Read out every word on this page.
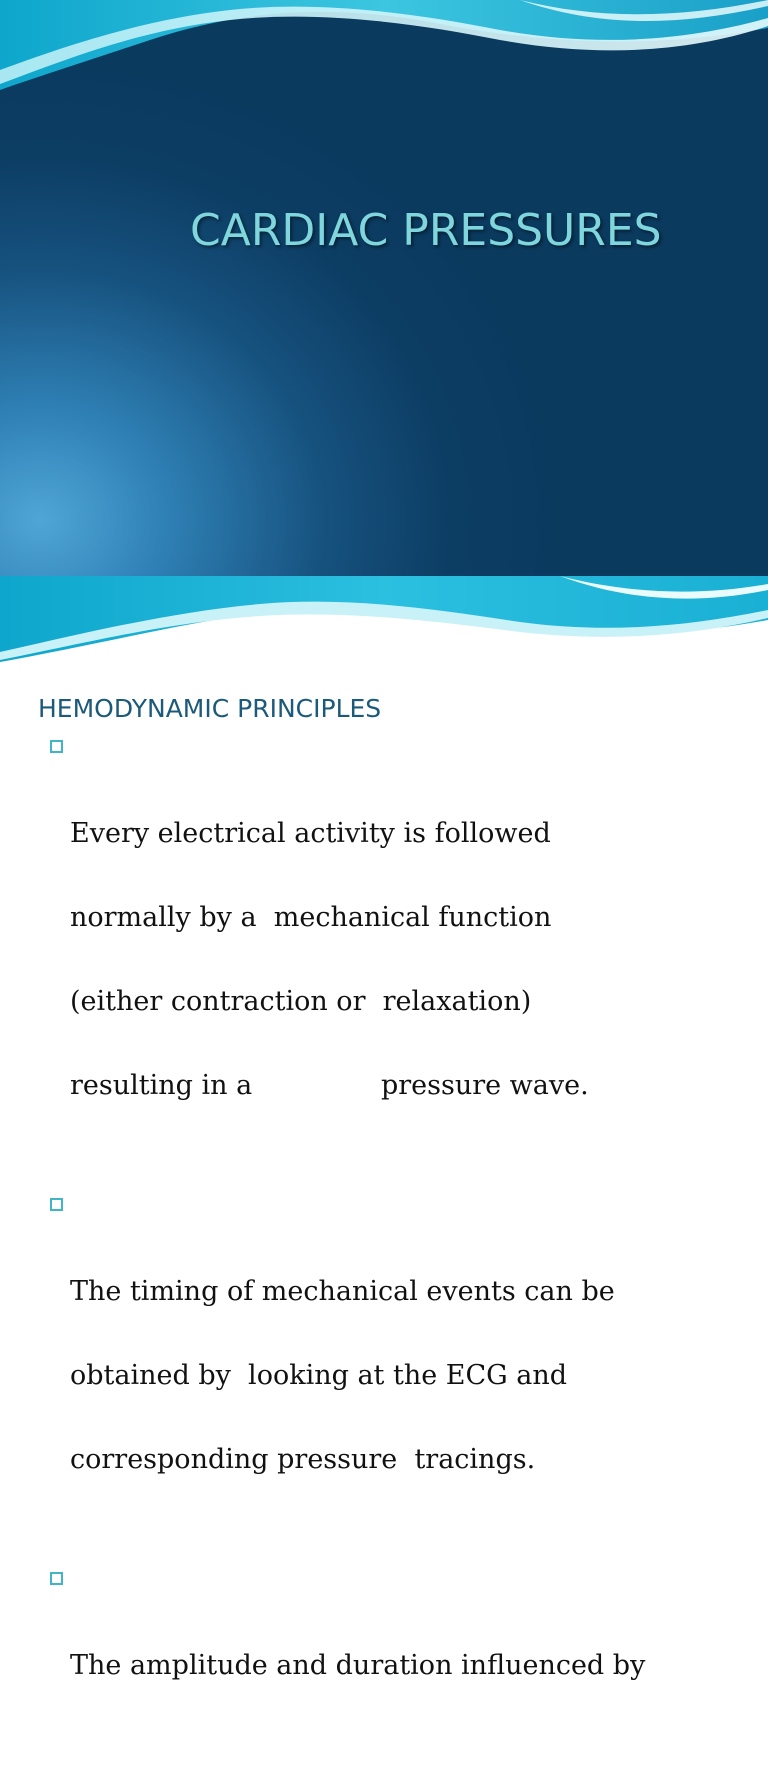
CARDIAC PRESSURES
HEMODYNAMIC PRINCIPLES

Every electrical activity is followed

normally by a  mechanical function

(either contraction or  relaxation)

resulting in a               pressure wave.

The timing of mechanical events can be

obtained by  looking at the ECG and

corresponding pressure  tracings.

The amplitude and duration influenced by
